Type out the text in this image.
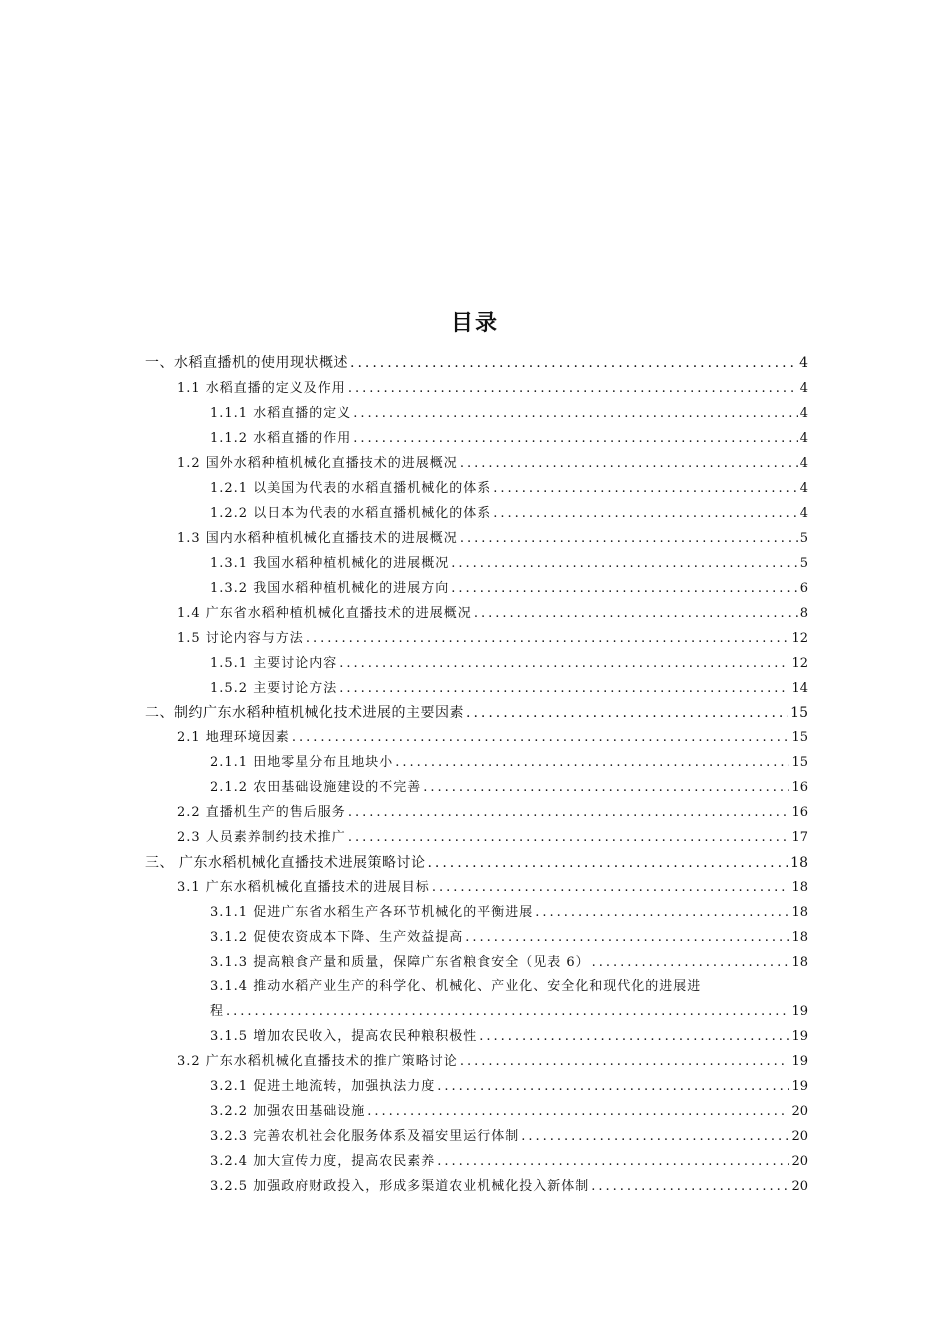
目录
一、水稻直播机的使用现状概述 .....	4
1.1 水稻直播的定义及作用 .....	4
1.1.1 水稻直播的定义 .....	4
1.1.2 水稻直播的作用 .....	4
1.2 国外水稻种植机械化直播技术的进展概况 .....	4
1.2.1 以美国为代表的水稻直播机械化的体系 .....	4
1.2.2 以日本为代表的水稻直播机械化的体系 .....	4
1.3 国内水稻种植机械化直播技术的进展概况 .....	5
1.3.1 我国水稻种植机械化的进展概况 .....	5
1.3.2 我国水稻种植机械化的进展方向 .....	6
1.4 广东省水稻种植机械化直播技术的进展概况 .....	8
1.5 讨论内容与方法 .....	12
1.5.1 主要讨论内容 .....	12
1.5.2 主要讨论方法 .....	14
二、制约广东水稻种植机械化技术进展的主要因素 .....	15
2.1 地理环境因素 .....	15
2.1.1 田地零星分布且地块小 .....	15
2.1.2 农田基础设施建设的不完善 .....	16
2.2 直播机生产的售后服务 .....	16
2.3 人员素养制约技术推广 .....	17
三、 广东水稻机械化直播技术进展策略讨论 .....	18
3.1 广东水稻机械化直播技术的进展目标 .....	18
3.1.1 促进广东省水稻生产各环节机械化的平衡进展 .....	18
3.1.2 促使农资成本下降、生产效益提高 .....	18
3.1.3 提高粮食产量和质量，保障广东省粮食安全（见表 6） .....	18
3.1.4 推动水稻产业生产的科学化、机械化、产业化、安全化和现代化的进展进
程 .....	19
3.1.5 增加农民收入，提高农民种粮积极性 .....	19
3.2 广东水稻机械化直播技术的推广策略讨论 .....	19
3.2.1 促进土地流转，加强执法力度 .....	19
3.2.2 加强农田基础设施 .....	20
3.2.3 完善农机社会化服务体系及福安里运行体制 .....	20
3.2.4 加大宣传力度，提高农民素养 .....	20
3.2.5 加强政府财政投入，形成多渠道农业机械化投入新体制 .....	20
